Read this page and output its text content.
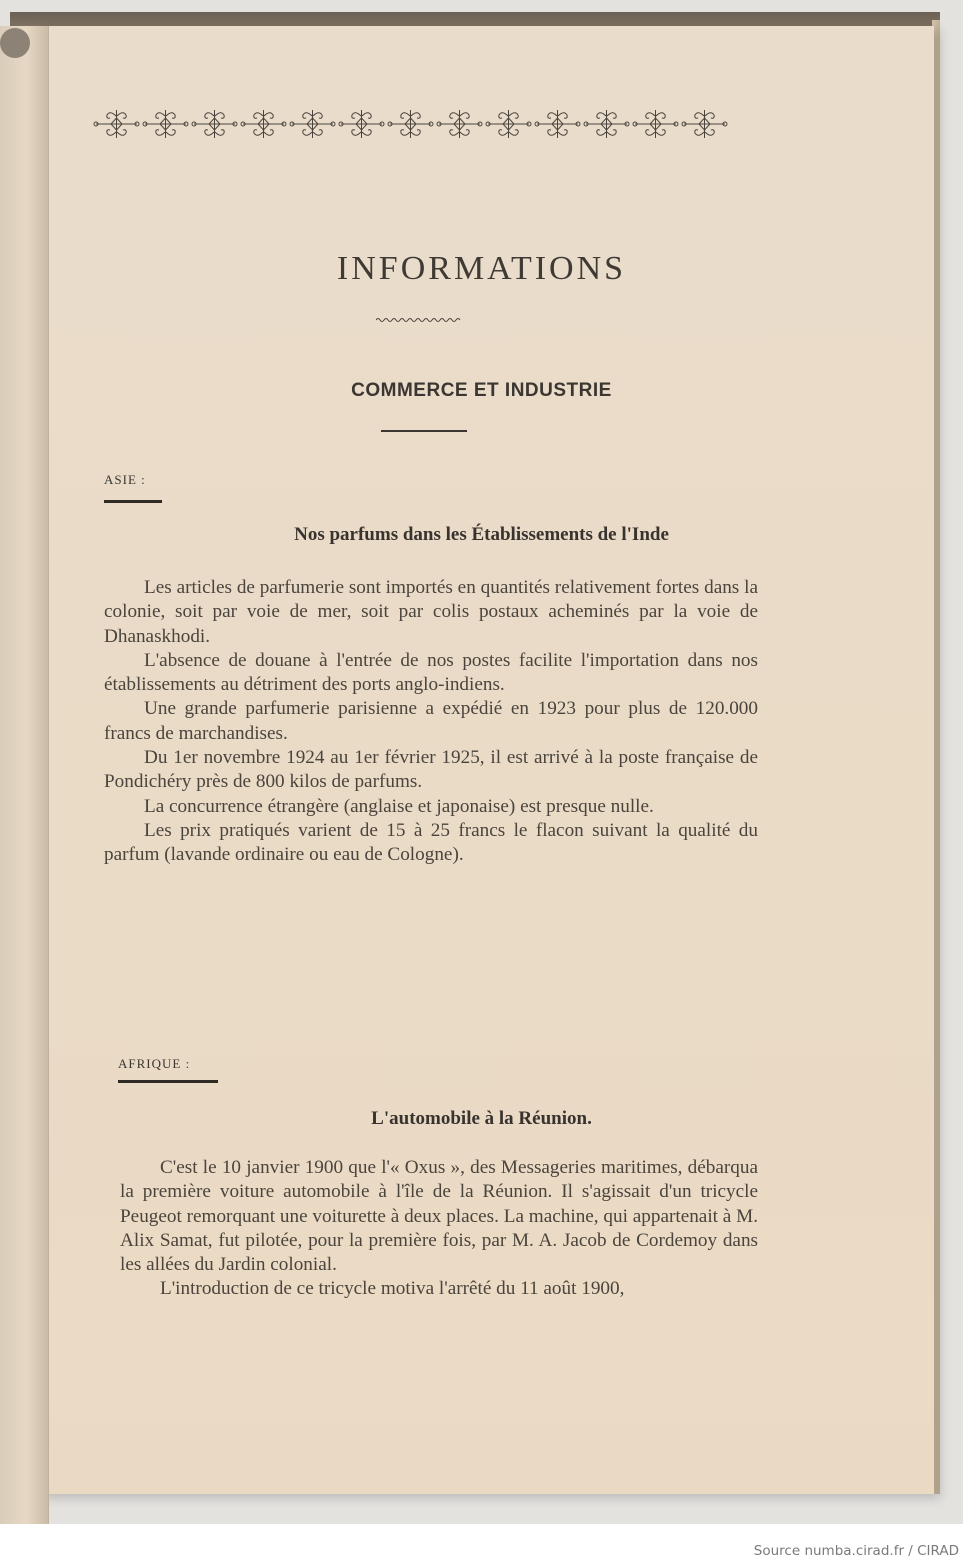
INFORMATIONS
COMMERCE ET INDUSTRIE
ASIE :
Nos parfums dans les Établissements de l'Inde

Les articles de parfumerie sont importés en quantités relativement fortes dans la colonie, soit par voie de mer, soit par colis postaux acheminés par la voie de Dhanaskhodi.

L'absence de douane à l'entrée de nos postes facilite l'importation dans nos établissements au détriment des ports anglo-indiens.

Une grande parfumerie parisienne a expédié en 1923 pour plus de 120.000 francs de marchandises.

Du 1er novembre 1924 au 1er février 1925, il est arrivé à la poste française de Pondichéry près de 800 kilos de parfums.

La concurrence étrangère (anglaise et japonaise) est presque nulle.

Les prix pratiqués varient de 15 à 25 francs le flacon suivant la qualité du parfum (lavande ordinaire ou eau de Cologne).

AFRIQUE :
L'automobile à la Réunion.

C'est le 10 janvier 1900 que l'« Oxus », des Messageries maritimes, débarqua la première voiture automobile à l'île de la Réunion. Il s'agissait d'un tricycle Peugeot remorquant une voiturette à deux places. La machine, qui appartenait à M. Alix Samat, fut pilotée, pour la première fois, par M. A. Jacob de Cordemoy dans les allées du Jardin colonial.

L'introduction de ce tricycle motiva l'arrêté du 11 août 1900,

Source numba.cirad.fr / CIRAD
